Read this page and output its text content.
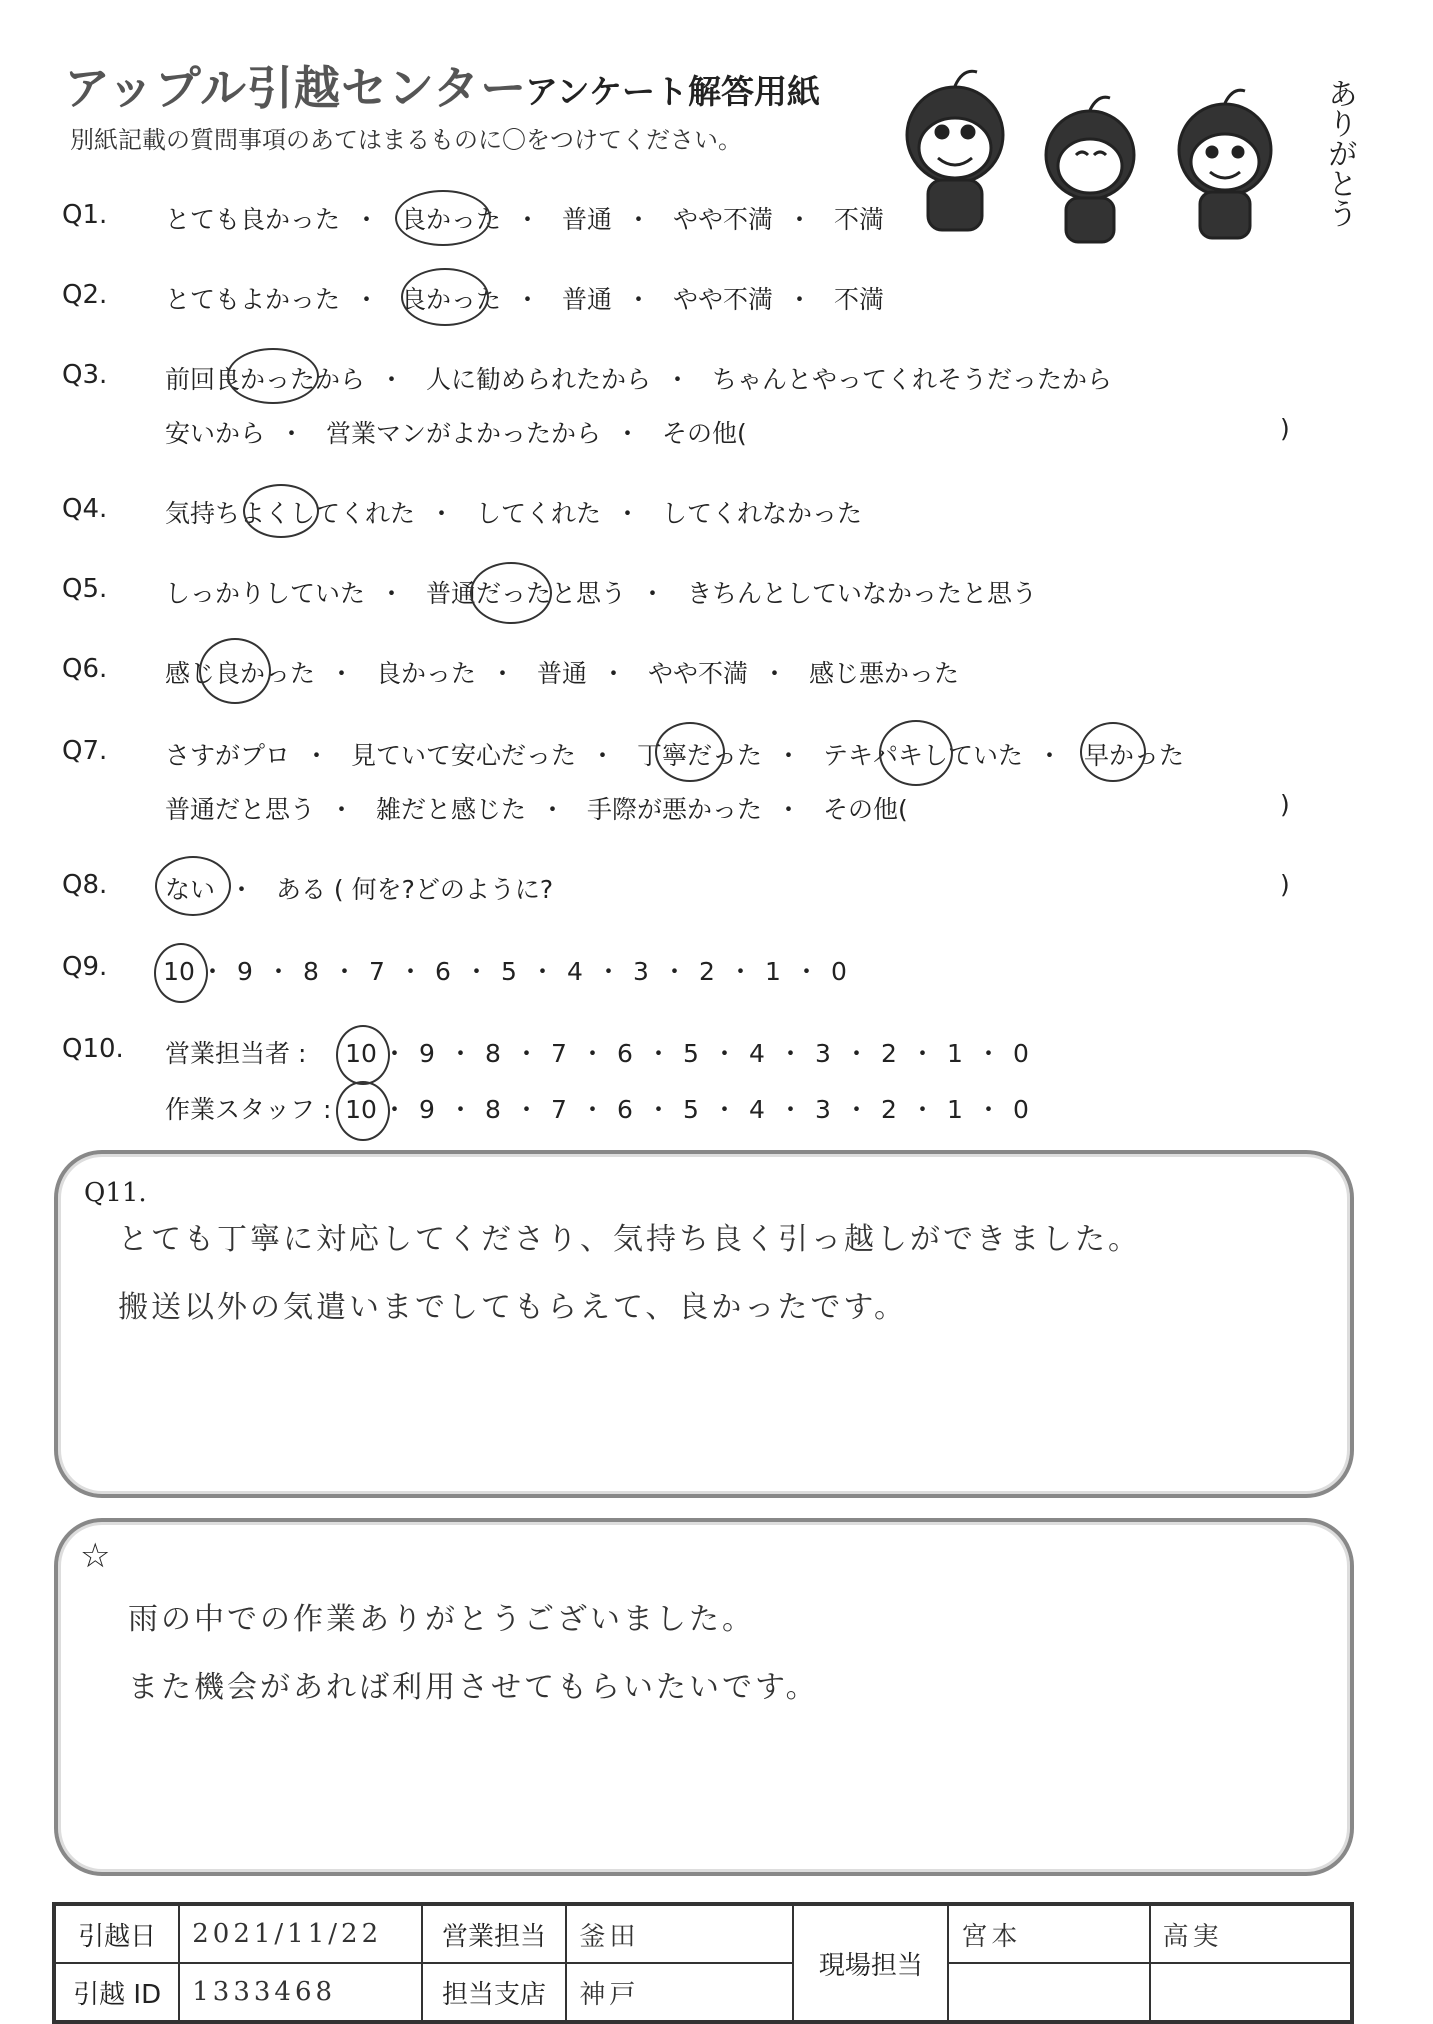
アップル引越センター
アンケート解答用紙
別紙記載の質問事項のあてはまるものに〇をつけてください。	ありがとう
Q1. とても良かった ・ 良かった ・ 普通 ・ やや不満 ・ 不満
Q2. とてもよかった ・ 良かった ・ 普通 ・ やや不満 ・ 不満
Q3. 前回良かったから ・ 人に勧められたから ・ ちゃんとやってくれそうだったから
安いから ・ 営業マンがよかったから ・ その他(	)
Q4. 気持ちよくしてくれた ・ してくれた ・ してくれなかった
Q5. しっかりしていた ・ 普通だったと思う ・ きちんとしていなかったと思う
Q6. 感じ良かった ・ 良かった ・ 普通 ・ やや不満 ・ 感じ悪かった
Q7. さすがプロ ・ 見ていて安心だった ・ 丁寧だった ・ テキパキしていた ・ 早かった
普通だと思う ・ 雑だと感じた ・ 手際が悪かった ・ その他(	)
Q8. ない ・ ある ( 何を?どのように?	)
Q9. 10 ・ 9 ・ 8 ・ 7 ・ 6 ・ 5 ・ 4 ・ 3 ・ 2 ・ 1 ・ 0
Q10. 営業担当者 : 10 ・ 9 ・ 8 ・ 7 ・ 6 ・ 5 ・ 4 ・ 3 ・ 2 ・ 1 ・ 0
作業スタッフ : 10 ・ 9 ・ 8 ・ 7 ・ 6 ・ 5 ・ 4 ・ 3 ・ 2 ・ 1 ・ 0
Q11.
とても丁寧に対応してくださり、気持ち良く引っ越しができました。
搬送以外の気遣いまでしてもらえて、良かったです。
☆
雨の中での作業ありがとうございました。
また機会があれば利用させてもらいたいです。
引越日	2021/11/22	営業担当	釜田	現場担当	宮本	高実
引越 ID	1333468	担当支店	神戸			
